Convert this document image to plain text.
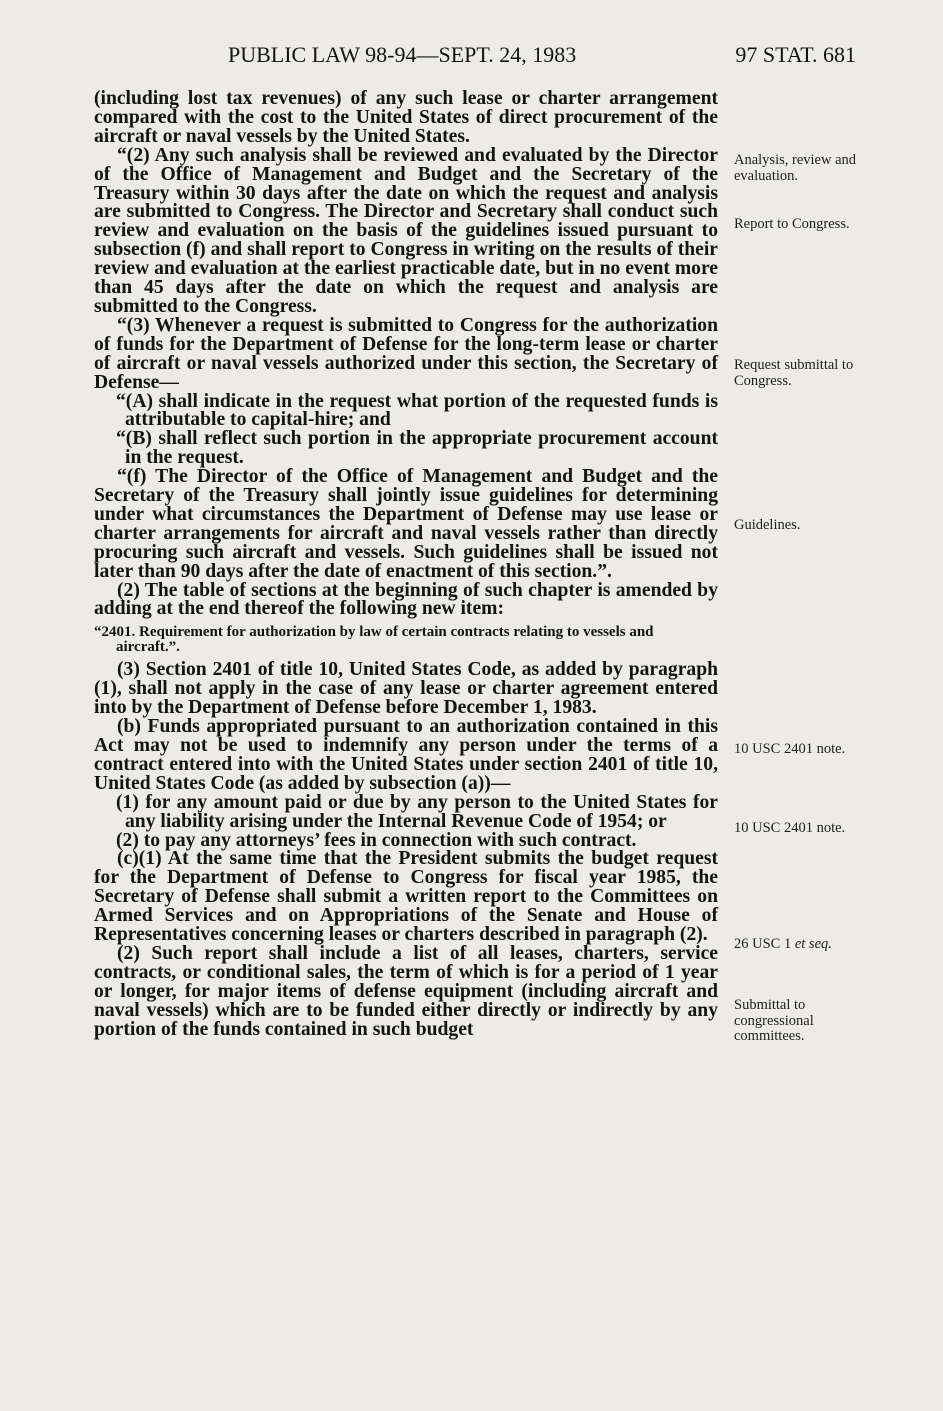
PUBLIC LAW 98-94—SEPT. 24, 1983	97 STAT. 681

(including lost tax revenues) of any such lease or charter arrangement compared with the cost to the United States of direct procurement of the aircraft or naval vessels by the United States.

“(2) Any such analysis shall be reviewed and evaluated by the Director of the Office of Management and Budget and the Secretary of the Treasury within 30 days after the date on which the request and analysis are submitted to Congress. The Director and Secretary shall conduct such review and evaluation on the basis of the guidelines issued pursuant to subsection (f) and shall report to Congress in writing on the results of their review and evaluation at the earliest practicable date, but in no event more than 45 days after the date on which the request and analysis are submitted to the Congress.

“(3) Whenever a request is submitted to Congress for the authorization of funds for the Department of Defense for the long-term lease or charter of aircraft or naval vessels authorized under this section, the Secretary of Defense—

“(A) shall indicate in the request what portion of the requested funds is attributable to capital-hire; and

“(B) shall reflect such portion in the appropriate procurement account in the request.

“(f) The Director of the Office of Management and Budget and the Secretary of the Treasury shall jointly issue guidelines for determining under what circumstances the Department of Defense may use lease or charter arrangements for aircraft and naval vessels rather than directly procuring such aircraft and vessels. Such guidelines shall be issued not later than 90 days after the date of enactment of this section.”.

(2) The table of sections at the beginning of such chapter is amended by adding at the end thereof the following new item:

“2401. Requirement for authorization by law of certain contracts relating to vessels and aircraft.”.

(3) Section 2401 of title 10, United States Code, as added by paragraph (1), shall not apply in the case of any lease or charter agreement entered into by the Department of Defense before December 1, 1983.

(b) Funds appropriated pursuant to an authorization contained in this Act may not be used to indemnify any person under the terms of a contract entered into with the United States under section 2401 of title 10, United States Code (as added by subsection (a))—

(1) for any amount paid or due by any person to the United States for any liability arising under the Internal Revenue Code of 1954; or

(2) to pay any attorneys’ fees in connection with such contract.

(c)(1) At the same time that the President submits the budget request for the Department of Defense to Congress for fiscal year 1985, the Secretary of Defense shall submit a written report to the Committees on Armed Services and on Appropriations of the Senate and House of Representatives concerning leases or charters described in paragraph (2).

(2) Such report shall include a list of all leases, charters, service contracts, or conditional sales, the term of which is for a period of 1 year or longer, for major items of defense equipment (including aircraft and naval vessels) which are to be funded either directly or indirectly by any portion of the funds contained in such budget

Analysis, review and evaluation.
Report to Congress.
Request submittal to Congress.
Guidelines.
10 USC 2401 note.
10 USC 2401 note.
26 USC 1 et seq.
Submittal to congressional committees.
